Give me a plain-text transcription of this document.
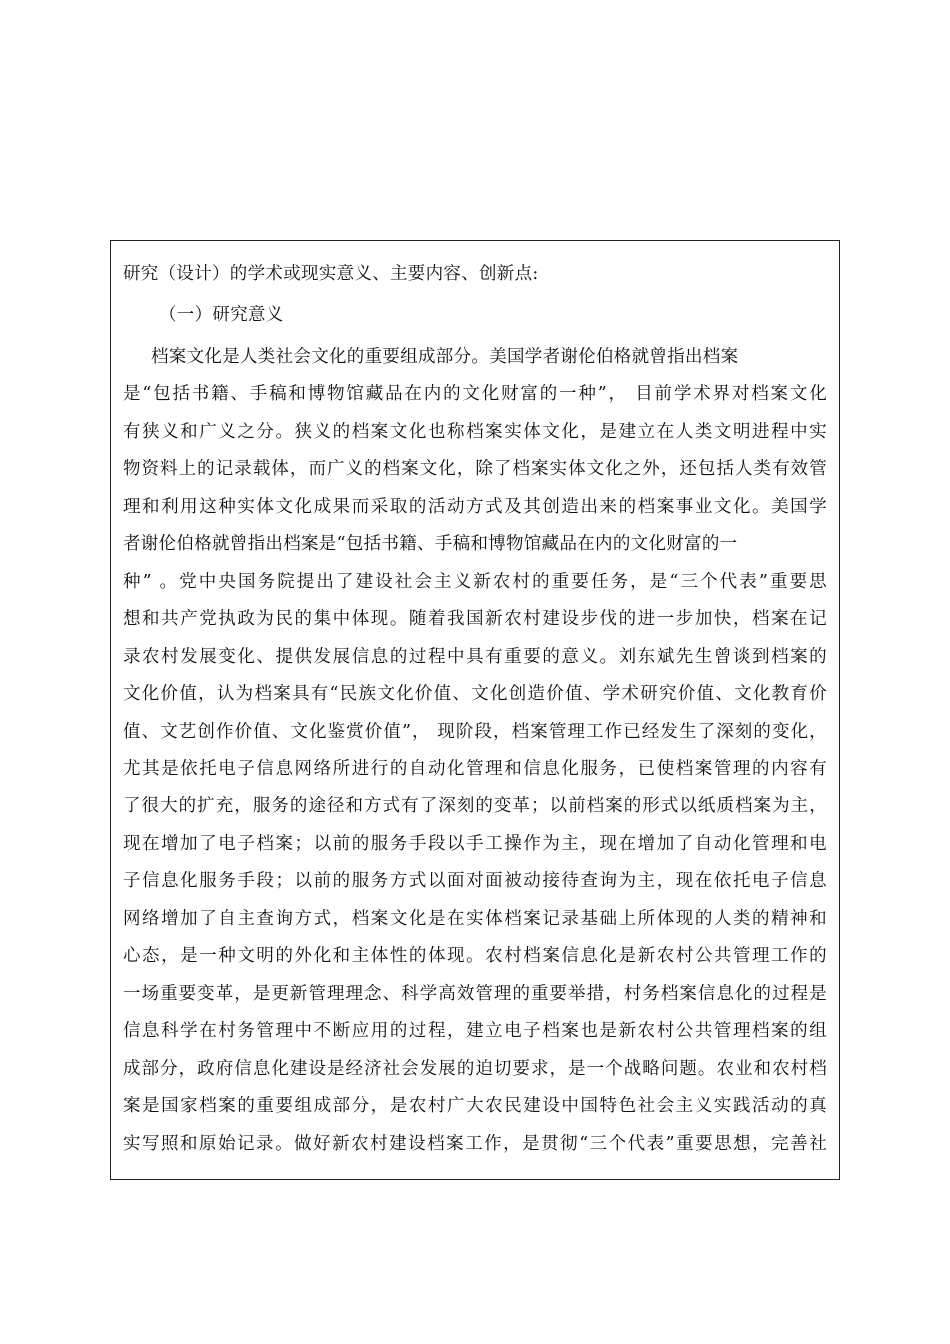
研究（设计）的学术或现实意义、主要内容、创新点:
（一）研究意义
档案文化是人类社会文化的重要组成部分。美国学者谢伦伯格就曾指出档案
是“包括书籍、手稿和博物馆藏品在内的文化财富的一种”， 目前学术界对档案文化
有狭义和广义之分。狭义的档案文化也称档案实体文化，是建立在人类文明进程中实
物资料上的记录载体，而广义的档案文化，除了档案实体文化之外，还包括人类有效管
理和利用这种实体文化成果而采取的活动方式及其创造出来的档案事业文化。美国学
者谢伦伯格就曾指出档案是“包括书籍、手稿和博物馆藏品在内的文化财富的一
种” 。党中央国务院提出了建设社会主义新农村的重要任务，是“三个代表”重要思
想和共产党执政为民的集中体现。随着我国新农村建设步伐的进一步加快，档案在记
录农村发展变化、提供发展信息的过程中具有重要的意义。刘东斌先生曾谈到档案的
文化价值，认为档案具有“民族文化价值、文化创造价值、学术研究价值、文化教育价
值、文艺创作价值、文化鉴赏价值”， 现阶段，档案管理工作已经发生了深刻的变化，
尤其是依托电子信息网络所进行的自动化管理和信息化服务，已使档案管理的内容有
了很大的扩充，服务的途径和方式有了深刻的变革；以前档案的形式以纸质档案为主，
现在增加了电子档案；以前的服务手段以手工操作为主，现在增加了自动化管理和电
子信息化服务手段；以前的服务方式以面对面被动接待查询为主，现在依托电子信息
网络增加了自主查询方式，档案文化是在实体档案记录基础上所体现的人类的精神和
心态，是一种文明的外化和主体性的体现。农村档案信息化是新农村公共管理工作的
一场重要变革，是更新管理理念、科学高效管理的重要举措，村务档案信息化的过程是
信息科学在村务管理中不断应用的过程，建立电子档案也是新农村公共管理档案的组
成部分，政府信息化建设是经济社会发展的迫切要求，是一个战略问题。农业和农村档
案是国家档案的重要组成部分，是农村广大农民建设中国特色社会主义实践活动的真
实写照和原始记录。做好新农村建设档案工作，是贯彻“三个代表”重要思想，完善社
